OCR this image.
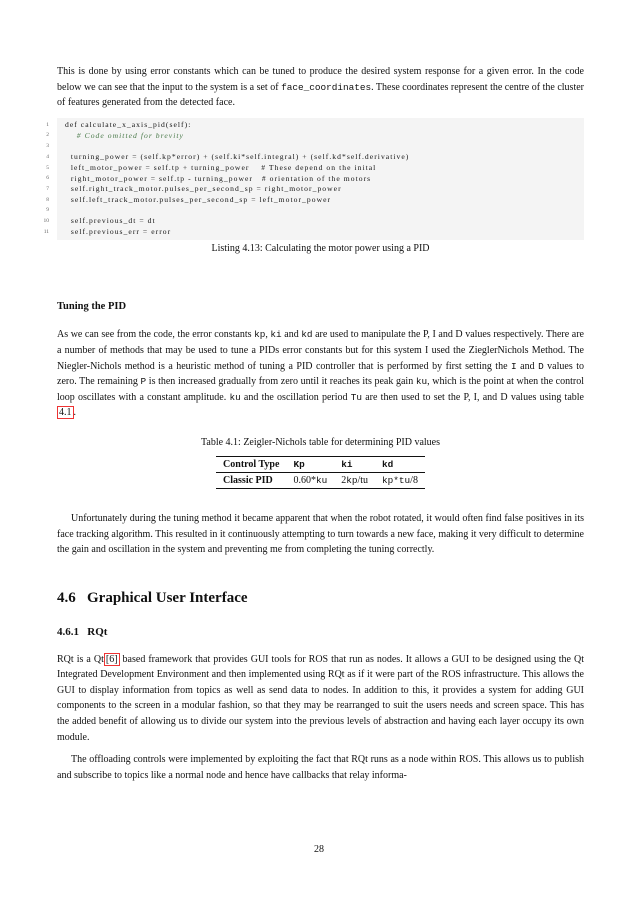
This is done by using error constants which can be tuned to produce the desired system response for a given error. In the code below we can see that the input to the system is a set of face_coordinates. These coordinates represent the centre of the cluster of features generated from the detected face.

1 def calculate_x_axis_pid(self):
2 # Code omitted for brevity
3
4 turning_power = (self.kp*error) + (self.ki*self.integral) + (self.kd*self.derivative)
5 left_motor_power = self.tp + turning_power    # These depend on the inital
6 right_motor_power = self.tp - turning_power   # orientation of the motors
7 self.right_track_motor.pulses_per_second_sp = right_motor_power
8 self.left_track_motor.pulses_per_second_sp = left_motor_power
9
10 self.previous_dt = dt
11 self.previous_err = error
Listing 4.13: Calculating the motor power using a PID
Tuning the PID

As we can see from the code, the error constants kp, ki and kd are used to manipulate the P, I and D values respectively. There are a number of methods that may be used to tune a PIDs error constants but for this system I used the ZieglerNichols Method. The Niegler-Nichols method is a heuristic method of tuning a PID controller that is performed by first setting the I and D values to zero. The remaining P is then increased gradually from zero until it reaches its peak gain ku, which is the point at when the control loop oscillates with a constant amplitude. ku and the oscillation period Tu are then used to set the P, I, and D values using table 4.1 .

Table 4.1: Zeigler-Nichols table for determining PID values
Control Type	Kp	ki	kd
Classic PID	0.60*ku	2kp/tu	kp*tu/8

Unfortunately during the tuning method it became apparent that when the robot rotated, it would often find false positives in its face tracking algorithm. This resulted in it continuously attempting to turn towards a new face, making it very difficult to determine the gain and oscillation in the system and preventing me from completing the tuning correctly.

4.6   Graphical User Interface
4.6.1   RQt

RQt is a Qt [6] based framework that provides GUI tools for ROS that run as nodes. It allows a GUI to be designed using the Qt Integrated Development Environment and then implemented using RQt as if it were part of the ROS infrastructure. This allows the GUI to display information from topics as well as send data to nodes. In addition to this, it provides a system for adding GUI components to the screen in a modular fashion, so that they may be rearranged to suit the users needs and screen space. This has the added benefit of allowing us to divide our system into the previous levels of abstraction and having each layer occupy its own module.

The offloading controls were implemented by exploiting the fact that RQt runs as a node within ROS. This allows us to publish and subscribe to topics like a normal node and hence have callbacks that relay informa-

28
